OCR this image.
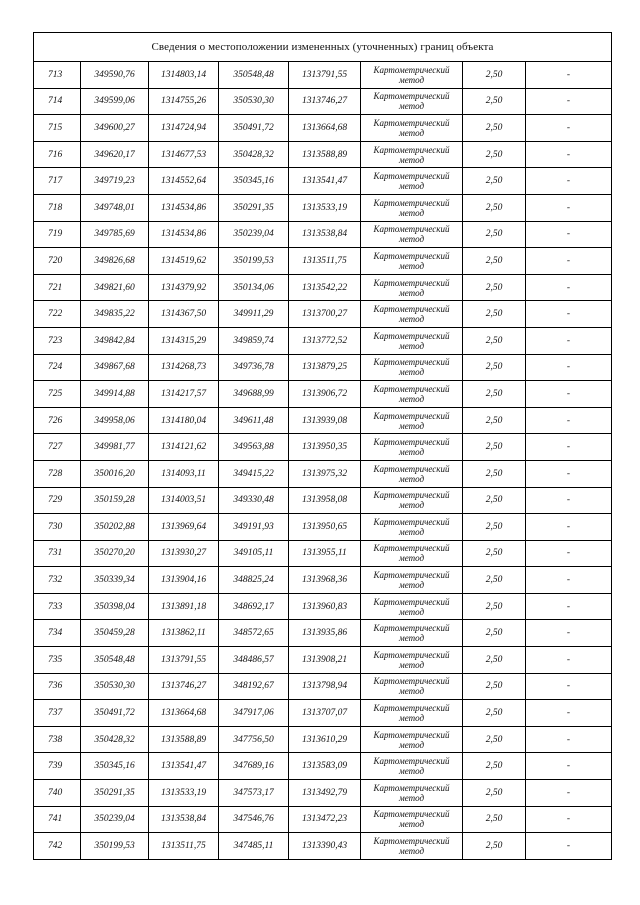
Сведения о местоположении измененных (уточненных) границ объекта							
713	349590,76	1314803,14	350548,48	1313791,55	Картометрический метод	2,50	-
714	349599,06	1314755,26	350530,30	1313746,27	Картометрический метод	2,50	-
715	349600,27	1314724,94	350491,72	1313664,68	Картометрический метод	2,50	-
716	349620,17	1314677,53	350428,32	1313588,89	Картометрический метод	2,50	-
717	349719,23	1314552,64	350345,16	1313541,47	Картометрический метод	2,50	-
718	349748,01	1314534,86	350291,35	1313533,19	Картометрический метод	2,50	-
719	349785,69	1314534,86	350239,04	1313538,84	Картометрический метод	2,50	-
720	349826,68	1314519,62	350199,53	1313511,75	Картометрический метод	2,50	-
721	349821,60	1314379,92	350134,06	1313542,22	Картометрический метод	2,50	-
722	349835,22	1314367,50	349911,29	1313700,27	Картометрический метод	2,50	-
723	349842,84	1314315,29	349859,74	1313772,52	Картометрический метод	2,50	-
724	349867,68	1314268,73	349736,78	1313879,25	Картометрический метод	2,50	-
725	349914,88	1314217,57	349688,99	1313906,72	Картометрический метод	2,50	-
726	349958,06	1314180,04	349611,48	1313939,08	Картометрический метод	2,50	-
727	349981,77	1314121,62	349563,88	1313950,35	Картометрический метод	2,50	-
728	350016,20	1314093,11	349415,22	1313975,32	Картометрический метод	2,50	-
729	350159,28	1314003,51	349330,48	1313958,08	Картометрический метод	2,50	-
730	350202,88	1313969,64	349191,93	1313950,65	Картометрический метод	2,50	-
731	350270,20	1313930,27	349105,11	1313955,11	Картометрический метод	2,50	-
732	350339,34	1313904,16	348825,24	1313968,36	Картометрический метод	2,50	-
733	350398,04	1313891,18	348692,17	1313960,83	Картометрический метод	2,50	-
734	350459,28	1313862,11	348572,65	1313935,86	Картометрический метод	2,50	-
735	350548,48	1313791,55	348486,57	1313908,21	Картометрический метод	2,50	-
736	350530,30	1313746,27	348192,67	1313798,94	Картометрический метод	2,50	-
737	350491,72	1313664,68	347917,06	1313707,07	Картометрический метод	2,50	-
738	350428,32	1313588,89	347756,50	1313610,29	Картометрический метод	2,50	-
739	350345,16	1313541,47	347689,16	1313583,09	Картометрический метод	2,50	-
740	350291,35	1313533,19	347573,17	1313492,79	Картометрический метод	2,50	-
741	350239,04	1313538,84	347546,76	1313472,23	Картометрический метод	2,50	-
742	350199,53	1313511,75	347485,11	1313390,43	Картометрический метод	2,50	-
